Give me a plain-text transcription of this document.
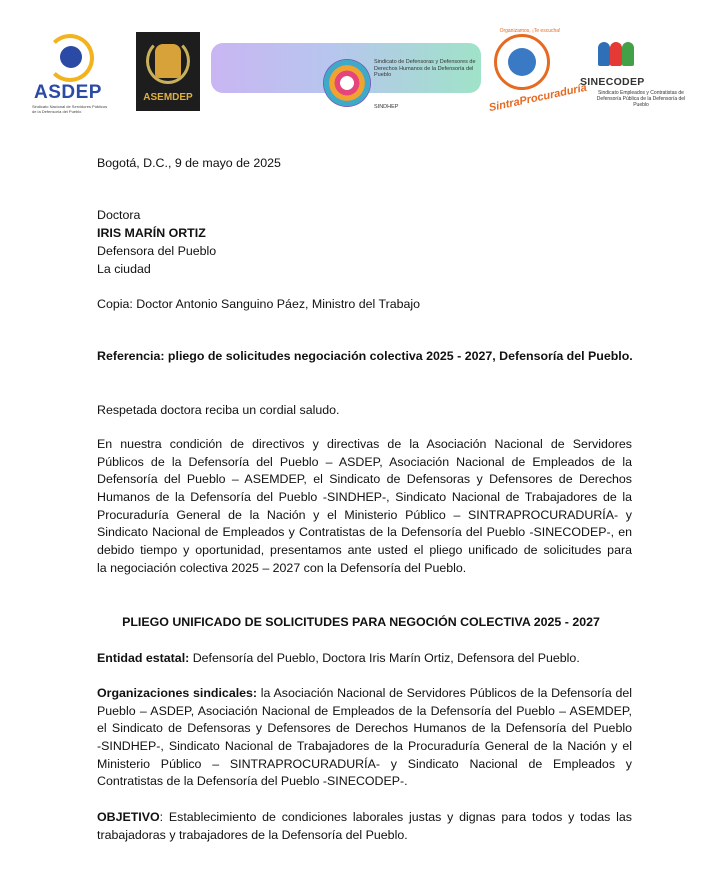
ASDEP
Sindicato Nacional de Servidores Públicos de la Defensoría del Pueblo
ASEMDEP
Sindicato de Defensoras y Defensores de Derechos Humanos de la Defensoría del Pueblo
SINDHEP
Organizamos, ¡Te escucha!
SintraProcuraduría
SINECODEP
Sindicato Empleados y Contratistas de Defensoría Pública de la Defensoría del Pueblo

Bogotá, D.C., 9 de mayo de 2025

Doctora

IRIS MARÍN ORTIZ

Defensora del Pueblo

La ciudad

Copia: Doctor Antonio Sanguino Páez, Ministro del Trabajo

Referencia: pliego de solicitudes negociación colectiva 2025 - 2027, Defensoría del Pueblo.

Respetada doctora reciba un cordial saludo.

En nuestra condición de directivos y directivas de la Asociación Nacional de Servidores
Públicos de la Defensoría del Pueblo – ASDEP, Asociación Nacional de Empleados de la
Defensoría del Pueblo – ASEMDEP, el Sindicato de Defensoras y Defensores de Derechos
Humanos de la Defensoría del Pueblo -SINDHEP-, Sindicato Nacional de Trabajadores de la
Procuraduría General de la Nación y el Ministerio Público – SINTRAPROCURADURÍA- y
Sindicato Nacional de Empleados y Contratistas de la Defensoría del Pueblo -SINECODEP-, en
debido tiempo y oportunidad, presentamos ante usted el pliego unificado de solicitudes para
la negociación colectiva 2025 – 2027 con la Defensoría del Pueblo.
PLIEGO UNIFICADO DE SOLICITUDES PARA NEGOCIÓN COLECTIVA 2025 - 2027

Entidad estatal: Defensoría del Pueblo, Doctora Iris Marín Ortiz, Defensora del Pueblo.

Organizaciones sindicales: la Asociación Nacional de Servidores Públicos de la Defensoría del
Pueblo – ASDEP, Asociación Nacional de Empleados de la Defensoría del Pueblo – ASEMDEP,
el Sindicato de Defensoras y Defensores de Derechos Humanos de la Defensoría del Pueblo
-SINDHEP-, Sindicato Nacional de Trabajadores de la Procuraduría General de la Nación y el
Ministerio Público – SINTRAPROCURADURÍA- y Sindicato Nacional de Empleados y
Contratistas de la Defensoría del Pueblo -SINECODEP-.
OBJETIVO: Establecimiento de condiciones laborales justas y dignas para todos y todas las
trabajadoras y trabajadores de la Defensoría del Pueblo.
